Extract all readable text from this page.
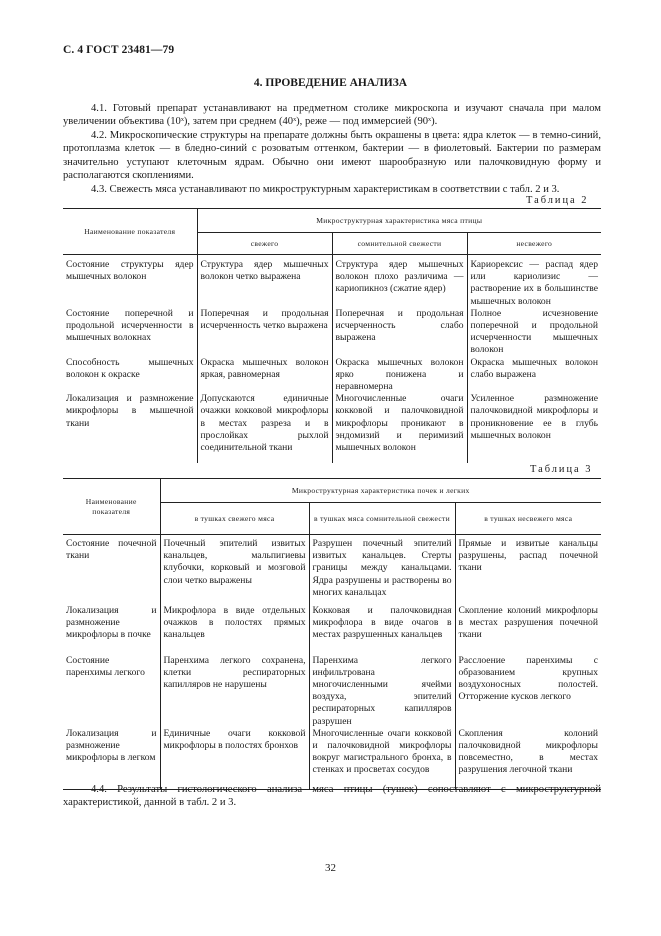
С. 4 ГОСТ 23481—79
4. ПРОВЕДЕНИЕ АНАЛИЗА
4.1. Готовый препарат устанавливают на предметном столике микроскопа и изучают сначала при малом увеличении объектива (10ˣ), затем при среднем (40ˣ), реже — под иммерсией (90ˣ).
4.2. Микроскопические структуры на препарате должны быть окрашены в цвета: ядра клеток — в темно-синий, протоплазма клеток — в бледно-синий с розоватым оттенком, бактерии — в фиолетовый. Бактерии по размерам значительно уступают клеточным ядрам. Обычно они имеют шарообразную или палочковидную форму и располагаются скоплениями.
4.3. Свежесть мяса устанавливают по микроструктурным характеристикам в соответствии с табл. 2 и 3.
Таблица 2
Наименование показателя	Микроструктурная характеристика мяса птицы		
	свежего	сомнительной свежести	несвежего
Состояние структуры ядер мышечных волокон	Структура ядер мышечных волокон четко выражена	Структура ядер мышечных волокон плохо различима — кариопикноз (сжатие ядер)	Кариорексис — распад ядер или кариолизис — растворение их в большинстве мышечных волокон
Состояние поперечной и продольной исчерченности в мышечных волокнах	Поперечная и продольная исчерченность четко выражена	Поперечная и продольная исчерченность слабо выражена	Полное исчезновение поперечной и продольной исчерченности мышечных волокон
Способность мышечных волокон к окраске	Окраска мышечных волокон яркая, равномерная	Окраска мышечных волокон ярко понижена и неравномерна	Окраска мышечных волокон слабо выражена
Локализация и размножение микрофлоры в мышечной ткани	Допускаются единичные очажки кокковой микрофлоры в местах разреза и в прослойках рыхлой соединительной ткани	Многочисленные очаги кокковой и палочковидной микрофлоры проникают в эндомизий и перимизий мышечных волокон	Усиленное размножение палочковидной микрофлоры и проникновение ее в глубь мышечных волокон
Таблица 3
Наименование показателя	Микроструктурная характеристика почек и легких		
	в тушках свежего мяса	в тушках мяса сомнительной свежести	в тушках несвежего мяса
Состояние почечной ткани	Почечный эпителий извитых канальцев, мальпигиевы клубочки, корковый и мозговой слои четко выражены	Разрушен почечный эпителий извитых канальцев. Стерты границы между канальцами. Ядра разрушены и растворены во многих канальцах	Прямые и извитые канальцы разрушены, распад почечной ткани
Локализация и размножение микрофлоры в почке	Микрофлора в виде отдельных очажков в полостях прямых канальцев	Кокковая и палочковидная микрофлора в виде очагов в местах разрушенных канальцев	Скопление колоний микрофлоры в местах разрушения почечной ткани
Состояние паренхимы легкого	Паренхима легкого сохранена, клетки респираторных капилляров не нарушены	Паренхима легкого инфильтрована многочисленными ячейми воздуха, эпителий респираторных капилляров разрушен	Расслоение паренхимы с образованием крупных воздухоносных полостей. Отторжение кусков легкого
Локализация и размножение микрофлоры в легком	Единичные очаги кокковой микрофлоры в полостях бронхов	Многочисленные очаги кокковой и палочковидной микрофлоры вокруг магистрального бронха, в стенках и просветах сосудов	Скопления колоний палочковидной микрофлоры повсеместно, в местах разрушения легочной ткани
4.4. Результаты гистологического анализа мяса птицы (тушек) сопоставляют с микроструктурной характеристикой, данной в табл. 2 и 3.
32
